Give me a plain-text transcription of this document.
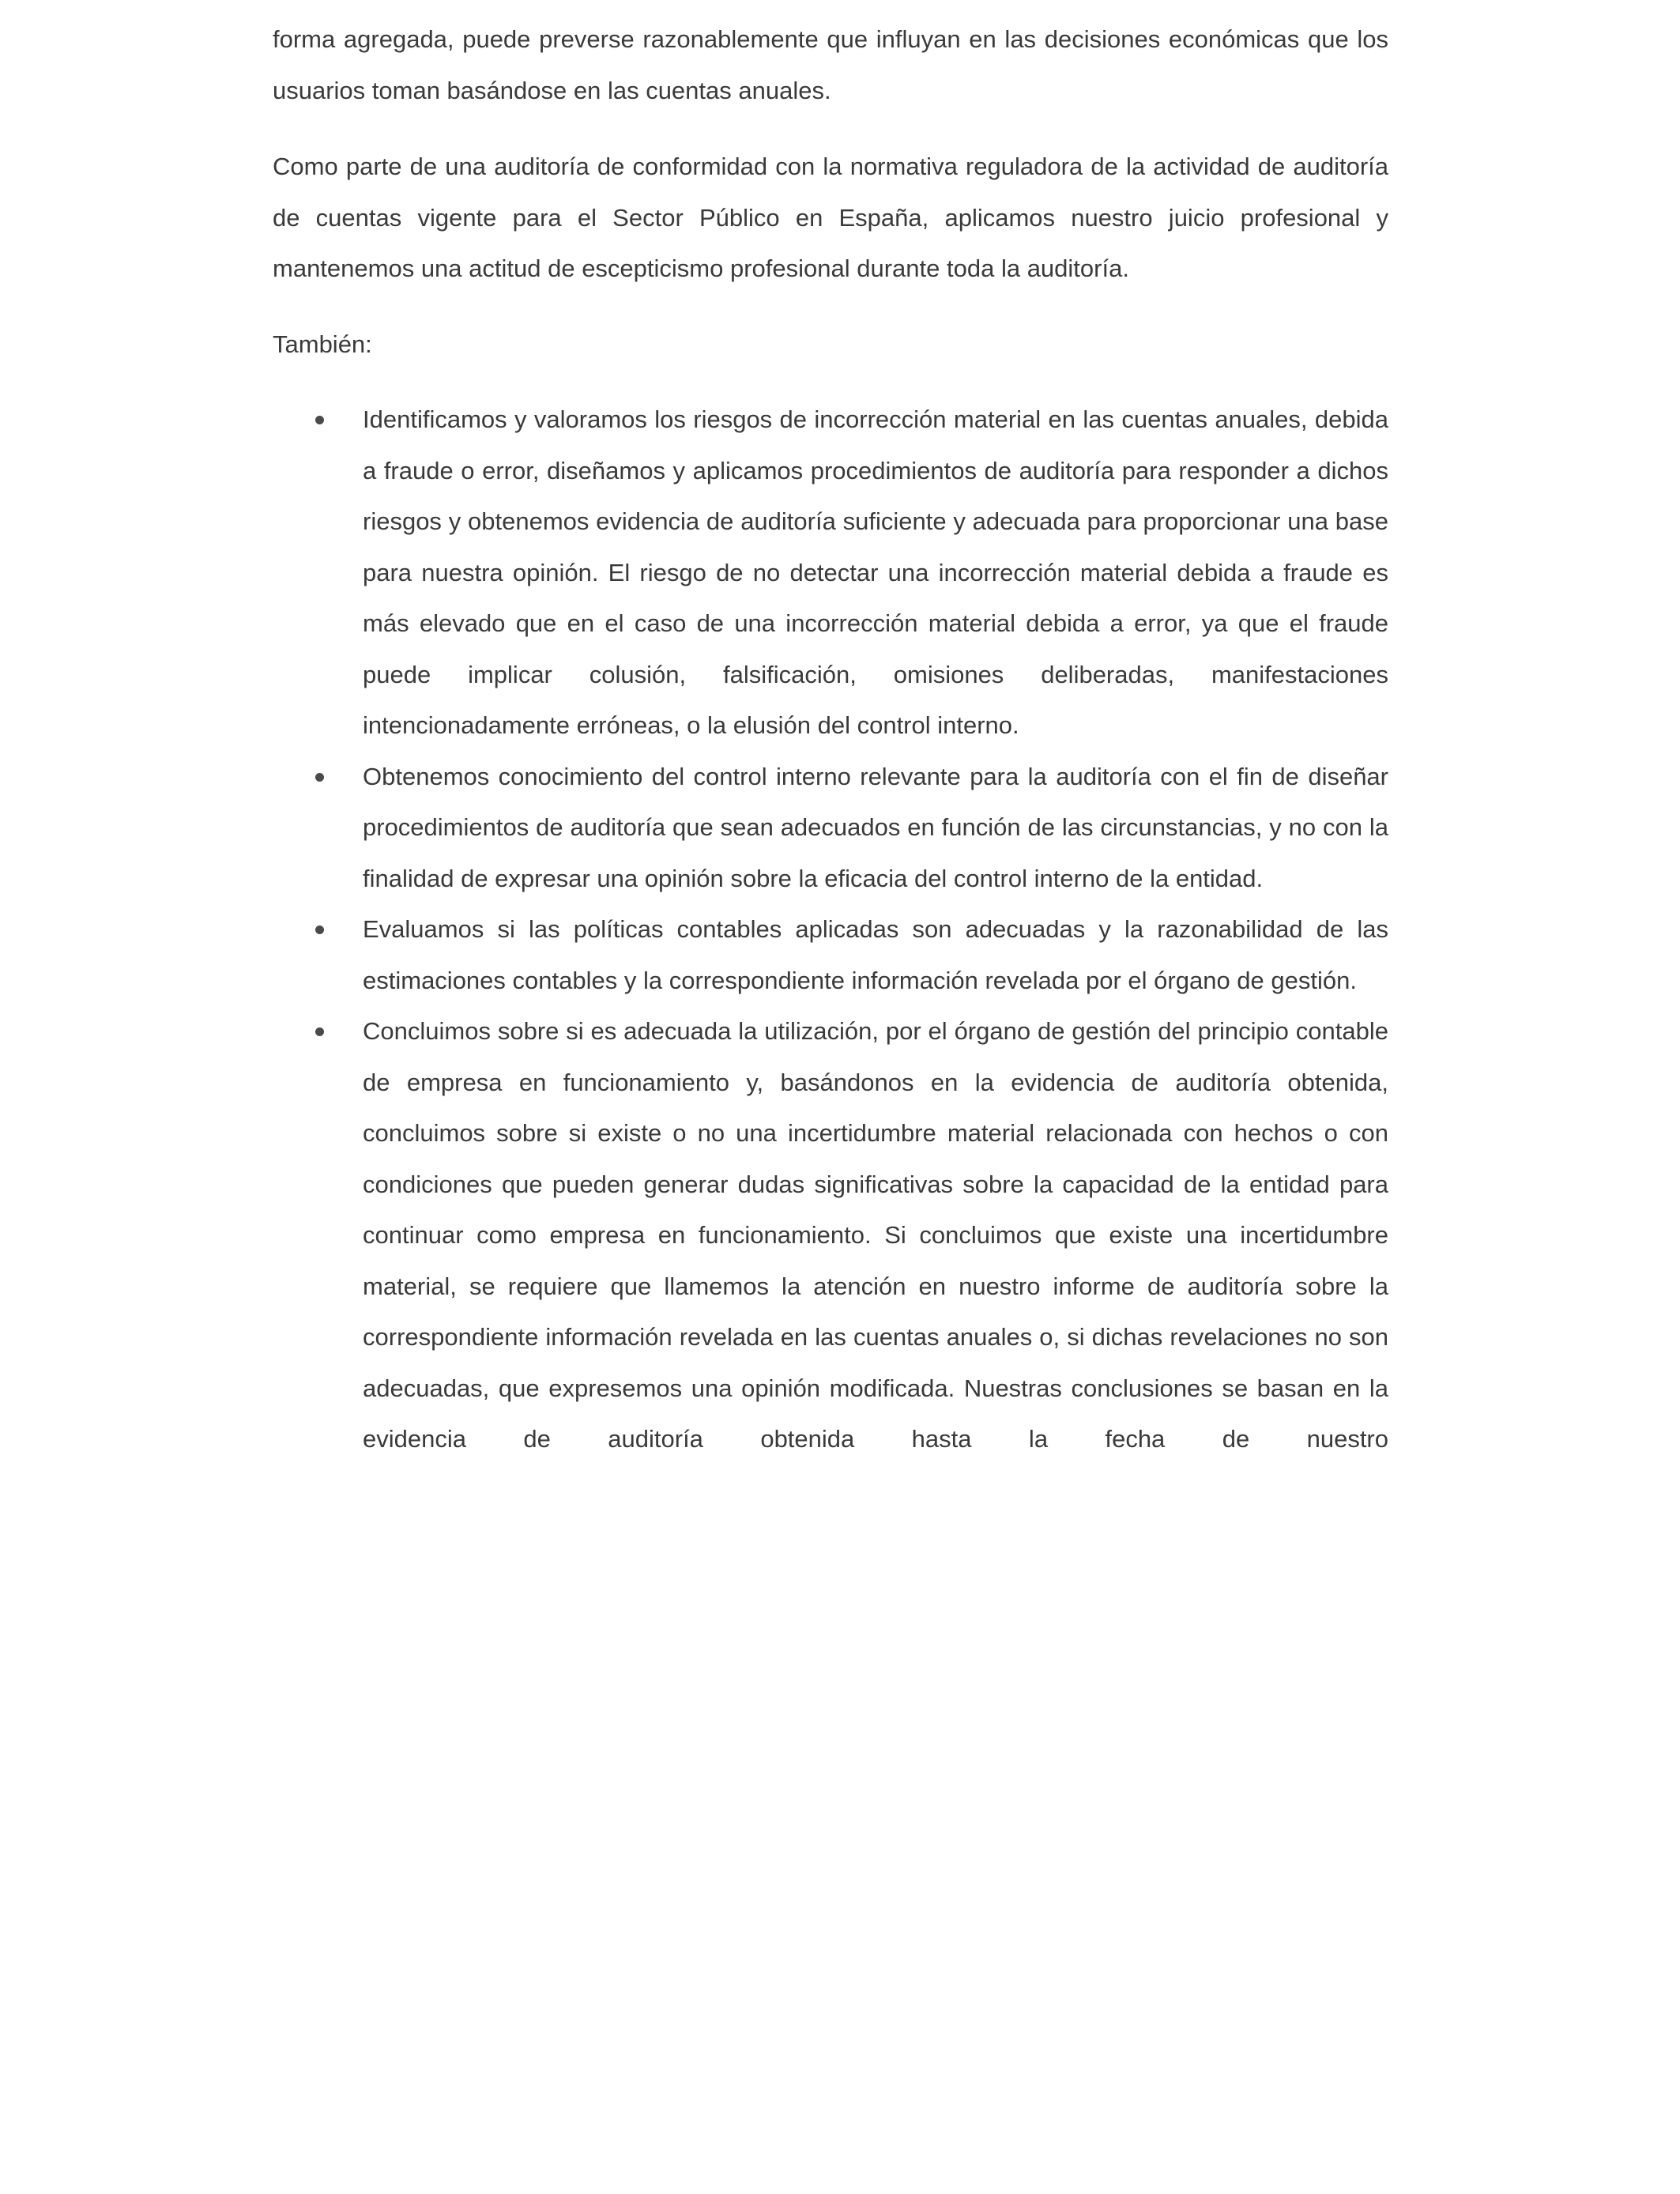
forma agregada, puede preverse razonablemente que influyan en las decisiones económicas que los usuarios toman basándose en las cuentas anuales.

Como parte de una auditoría de conformidad con la normativa reguladora de la actividad de auditoría de cuentas vigente para el Sector Público en España, aplicamos nuestro juicio profesional y mantenemos una actitud de escepticismo profesional durante toda la auditoría.

También:

Identificamos y valoramos los riesgos de incorrección material en las cuentas anuales, debida a fraude o error, diseñamos y aplicamos procedimientos de auditoría para responder a dichos riesgos y obtenemos evidencia de auditoría suficiente y adecuada para proporcionar una base para nuestra opinión. El riesgo de no detectar una incorrección material debida a fraude es más elevado que en el caso de una incorrección material debida a error, ya que el fraude puede implicar colusión, falsificación, omisiones deliberadas, manifestaciones intencionadamente erróneas, o la elusión del control interno.
Obtenemos conocimiento del control interno relevante para la auditoría con el fin de diseñar procedimientos de auditoría que sean adecuados en función de las circunstancias, y no con la finalidad de expresar una opinión sobre la eficacia del control interno de la entidad.
Evaluamos si las políticas contables aplicadas son adecuadas y la razonabilidad de las estimaciones contables y la correspondiente información revelada por el órgano de gestión.
Concluimos sobre si es adecuada la utilización, por el órgano de gestión del principio contable de empresa en funcionamiento y, basándonos en la evidencia de auditoría obtenida, concluimos sobre si existe o no una incertidumbre material relacionada con hechos o con condiciones que pueden generar dudas significativas sobre la capacidad de la entidad para continuar como empresa en funcionamiento. Si concluimos que existe una incertidumbre material, se requiere que llamemos la atención en nuestro informe de auditoría sobre la correspondiente información revelada en las cuentas anuales o, si dichas revelaciones no son adecuadas, que expresemos una opinión modificada. Nuestras conclusiones se basan en la evidencia de auditoría obtenida hasta la fecha de nuestro
